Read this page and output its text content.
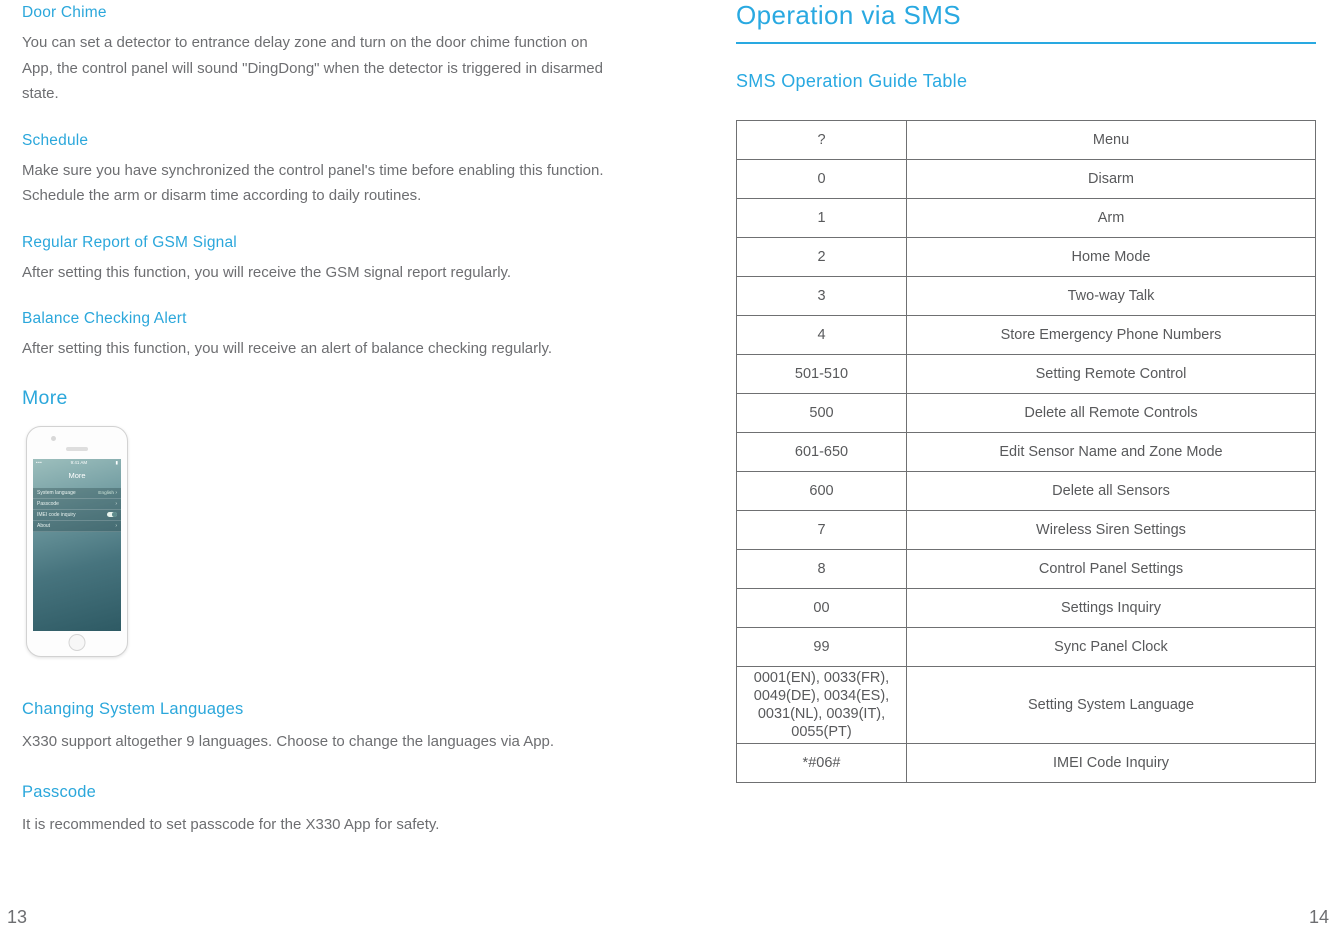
Door Chime

You can set a detector to entrance delay zone and turn on the door chime function on App, the control panel will sound "DingDong" when the detector is triggered in disarmed state.

Schedule

Make sure you have synchronized the control panel's time before enabling this function.

Schedule the arm or disarm time according to daily routines.

Regular Report of GSM Signal

After setting this function, you will receive the GSM signal report regularly.

Balance Checking Alert

After setting this function, you will receive an alert of balance checking regularly.

More
•••	9:41 AM	▮
More
System language	English ›
Passcode	›
IMEI code inquiry
About	›
Changing System Languages

X330 support altogether 9 languages. Choose to change the languages via App.

Passcode

It is recommended to set passcode for the X330 App for safety.

Operation via SMS
SMS Operation Guide Table
?	Menu
0	Disarm
1	Arm
2	Home Mode
3	Two-way Talk
4	Store Emergency Phone Numbers
501-510	Setting Remote Control
500	Delete all Remote Controls
601-650	Edit Sensor Name and Zone Mode
600	Delete all Sensors
7	Wireless Siren Settings
8	Control Panel Settings
00	Settings Inquiry
99	Sync Panel Clock
0001(EN), 0033(FR), 0049(DE), 0034(ES), 0031(NL), 0039(IT), 0055(PT)	Setting System Language
*#06#	IMEI Code Inquiry
13	14
